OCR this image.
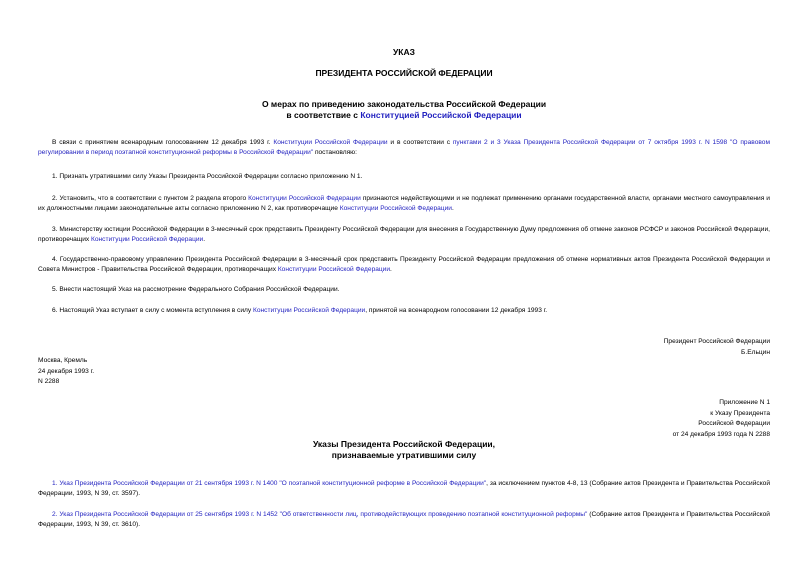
УКАЗ
ПРЕЗИДЕНТА РОССИЙСКОЙ ФЕДЕРАЦИИ
О мерах по приведению законодательства Российской Федерации
в соответствие с Конституцией Российской Федерации

В связи с принятием всенародным голосованием 12 декабря 1993 г. Конституции Российской Федерации и в соответствии с пунктами 2 и 3 Указа Президента Российской Федерации от 7 октября 1993 г. N 1598 "О правовом регулировании в период поэтапной конституционной реформы в Российской Федерации" постановляю:

1. Признать утратившими силу Указы Президента Российской Федерации согласно приложению N 1.

2. Установить, что в соответствии с пунктом 2 раздела второго Конституции Российской Федерации признаются недействующими и не подлежат применению органами государственной власти, органами местного самоуправления и их должностными лицами законодательные акты согласно приложению N 2, как противоречащие Конституции Российской Федерации.

3. Министерству юстиции Российской Федерации в 3-месячный срок представить Президенту Российской Федерации для внесения в Государственную Думу предложения об отмене законов РСФСР и законов Российской Федерации, противоречащих Конституции Российской Федерации.

4. Государственно-правовому управлению Президента Российской Федерации в 3-месячный срок представить Президенту Российской Федерации предложения об отмене нормативных актов Президента Российской Федерации и Совета Министров - Правительства Российской Федерации, противоречащих Конституции Российской Федерации.

5. Внести настоящий Указ на рассмотрение Федерального Собрания Российской Федерации.

6. Настоящий Указ вступает в силу с момента вступления в силу Конституции Российской Федерации, принятой на всенародном голосовании 12 декабря 1993 г.

Президент Российской Федерации
Б.Ельцин
Москва, Кремль
24 декабря 1993 г.
N 2288
Приложение N 1
к Указу Президента
Российской Федерации
от 24 декабря 1993 года N 2288
Указы Президента Российской Федерации,
признаваемые утратившими силу

1. Указ Президента Российской Федерации от 21 сентября 1993 г. N 1400 "О поэтапной конституционной реформе в Российской Федерации", за исключением пунктов 4-8, 13 (Собрание актов Президента и Правительства Российской Федерации, 1993, N 39, ст. 3597).

2. Указ Президента Российской Федерации от 25 сентября 1993 г. N 1452 "Об ответственности лиц, противодействующих проведению поэтапной конституционной реформы" (Собрание актов Президента и Правительства Российской Федерации, 1993, N 39, ст. 3610).
